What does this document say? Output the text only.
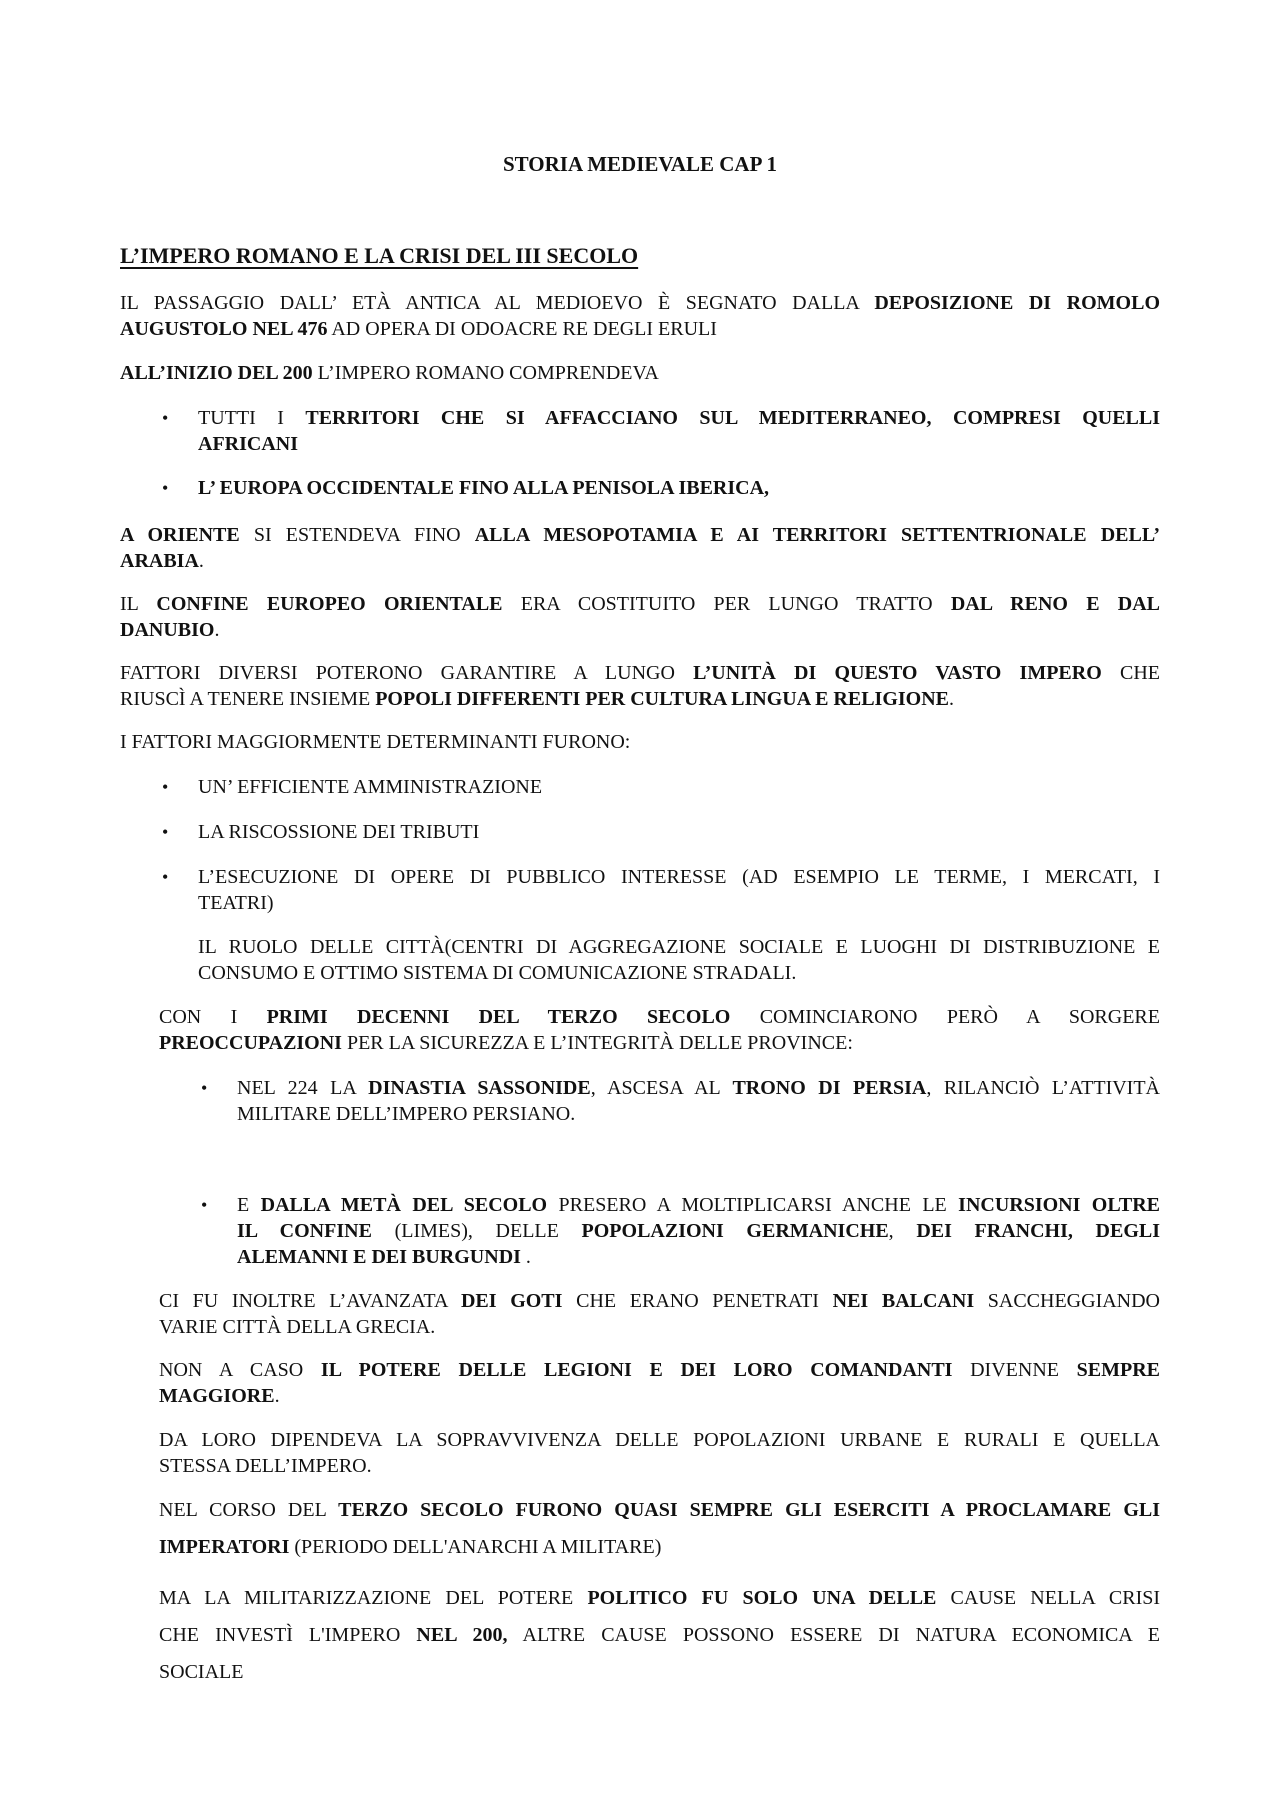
STORIA MEDIEVALE CAP 1
L’IMPERO ROMANO E LA CRISI DEL III SECOLO
IL PASSAGGIO DALL’ ETÀ ANTICA AL MEDIOEVO È SEGNATO DALLA DEPOSIZIONE DI ROMOLO
AUGUSTOLO NEL 476 AD OPERA DI ODOACRE RE DEGLI ERULI
ALL’INIZIO DEL 200 L’IMPERO ROMANO COMPRENDEVA
• TUTTI I TERRITORI CHE SI AFFACCIANO SUL MEDITERRANEO, COMPRESI QUELLI
AFRICANI
• L’ EUROPA OCCIDENTALE FINO ALLA PENISOLA IBERICA,
A ORIENTE SI ESTENDEVA FINO ALLA MESOPOTAMIA E AI TERRITORI SETTENTRIONALE DELL’
ARABIA.
IL CONFINE EUROPEO ORIENTALE ERA COSTITUITO PER LUNGO TRATTO DAL RENO E DAL
DANUBIO.
FATTORI DIVERSI POTERONO GARANTIRE A LUNGO L’UNITÀ DI QUESTO VASTO IMPERO CHE
RIUSCÌ A TENERE INSIEME POPOLI DIFFERENTI PER CULTURA LINGUA E RELIGIONE.
I FATTORI MAGGIORMENTE DETERMINANTI FURONO:
• UN’ EFFICIENTE AMMINISTRAZIONE
• LA RISCOSSIONE DEI TRIBUTI
• L’ESECUZIONE DI OPERE DI PUBBLICO INTERESSE (AD ESEMPIO LE TERME, I MERCATI, I
TEATRI)
IL RUOLO DELLE CITTÀ(CENTRI DI AGGREGAZIONE SOCIALE E LUOGHI DI DISTRIBUZIONE E
CONSUMO E OTTIMO SISTEMA DI COMUNICAZIONE STRADALI.
CON I PRIMI DECENNI DEL TERZO SECOLO COMINCIARONO PERÒ A SORGERE
PREOCCUPAZIONI PER LA SICUREZZA E L’INTEGRITÀ DELLE PROVINCE:
• NEL 224 LA DINASTIA SASSONIDE, ASCESA AL TRONO DI PERSIA, RILANCIÒ L’ATTIVITÀ
MILITARE DELL’IMPERO PERSIANO.
• E DALLA METÀ DEL SECOLO PRESERO A MOLTIPLICARSI ANCHE LE INCURSIONI OLTRE
IL CONFINE (LIMES), DELLE POPOLAZIONI GERMANICHE, DEI FRANCHI, DEGLI
ALEMANNI E DEI BURGUNDI .
CI FU INOLTRE L’AVANZATA DEI GOTI CHE ERANO PENETRATI NEI BALCANI SACCHEGGIANDO
VARIE CITTÀ DELLA GRECIA.
NON A CASO IL POTERE DELLE LEGIONI E DEI LORO COMANDANTI DIVENNE SEMPRE
MAGGIORE.
DA LORO DIPENDEVA LA SOPRAVVIVENZA DELLE POPOLAZIONI URBANE E RURALI E QUELLA
STESSA DELL’IMPERO.
NEL CORSO DEL TERZO SECOLO FURONO QUASI SEMPRE GLI ESERCITI A PROCLAMARE GLI
IMPERATORI (PERIODO DELL'ANARCHI A MILITARE)
MA LA MILITARIZZAZIONE DEL POTERE POLITICO FU SOLO UNA DELLE CAUSE NELLA CRISI
CHE INVESTÌ L'IMPERO NEL 200, ALTRE CAUSE POSSONO ESSERE DI NATURA ECONOMICA E
SOCIALE
